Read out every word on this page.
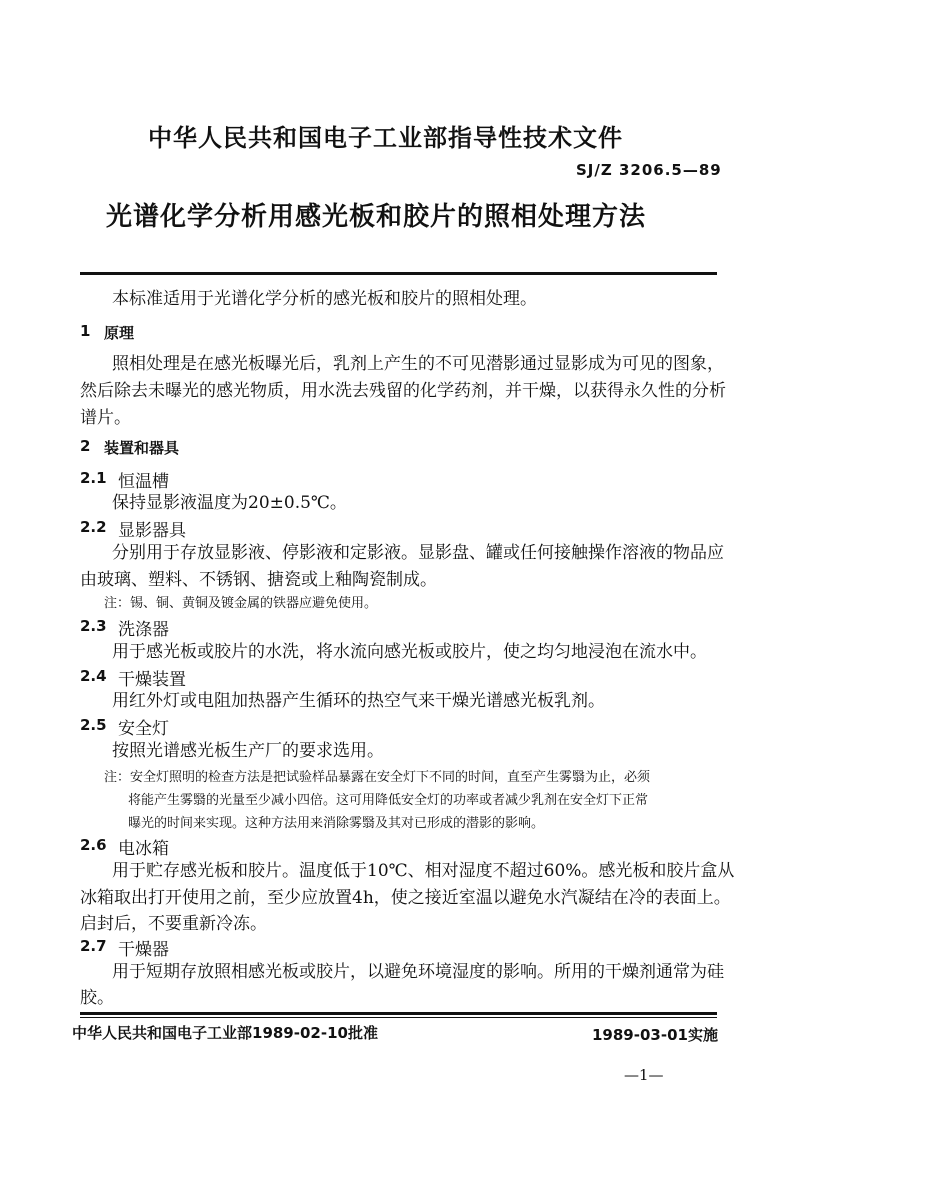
中华人民共和国电子工业部指导性技术文件
SJ/Z 3206.5—89
光谱化学分析用感光板和胶片的照相处理方法
本标准适用于光谱化学分析的感光板和胶片的照相处理。
1 原理
照相处理是在感光板曝光后，乳剂上产生的不可见潜影通过显影成为可见的图象，
然后除去未曝光的感光物质，用水洗去残留的化学药剂，并干燥，以获得永久性的分析
谱片。
2 装置和器具
2.1 恒温槽
保持显影液温度为20±0.5℃。
2.2 显影器具
分别用于存放显影液、停影液和定影液。显影盘、罐或任何接触操作溶液的物品应
由玻璃、塑料、不锈钢、搪瓷或上釉陶瓷制成。
注：锡、铜、黄铜及镀金属的铁器应避免使用。
2.3 洗涤器
用于感光板或胶片的水洗，将水流向感光板或胶片，使之均匀地浸泡在流水中。
2.4 干燥装置
用红外灯或电阻加热器产生循环的热空气来干燥光谱感光板乳剂。
2.5 安全灯
按照光谱感光板生产厂的要求选用。
注：安全灯照明的检查方法是把试验样品暴露在安全灯下不同的时间，直至产生雾翳为止，必须
将能产生雾翳的光量至少减小四倍。这可用降低安全灯的功率或者减少乳剂在安全灯下正常
曝光的时间来实现。这种方法用来消除雾翳及其对已形成的潜影的影响。
2.6 电冰箱
用于贮存感光板和胶片。温度低于10℃、相对湿度不超过60%。感光板和胶片盒从
冰箱取出打开使用之前，至少应放置4h，使之接近室温以避免水汽凝结在冷的表面上。
启封后，不要重新冷冻。
2.7 干燥器
用于短期存放照相感光板或胶片，以避免环境湿度的影响。所用的干燥剂通常为硅
胶。
中华人民共和国电子工业部1989-02-10批准	1989-03-01实施
—1—
